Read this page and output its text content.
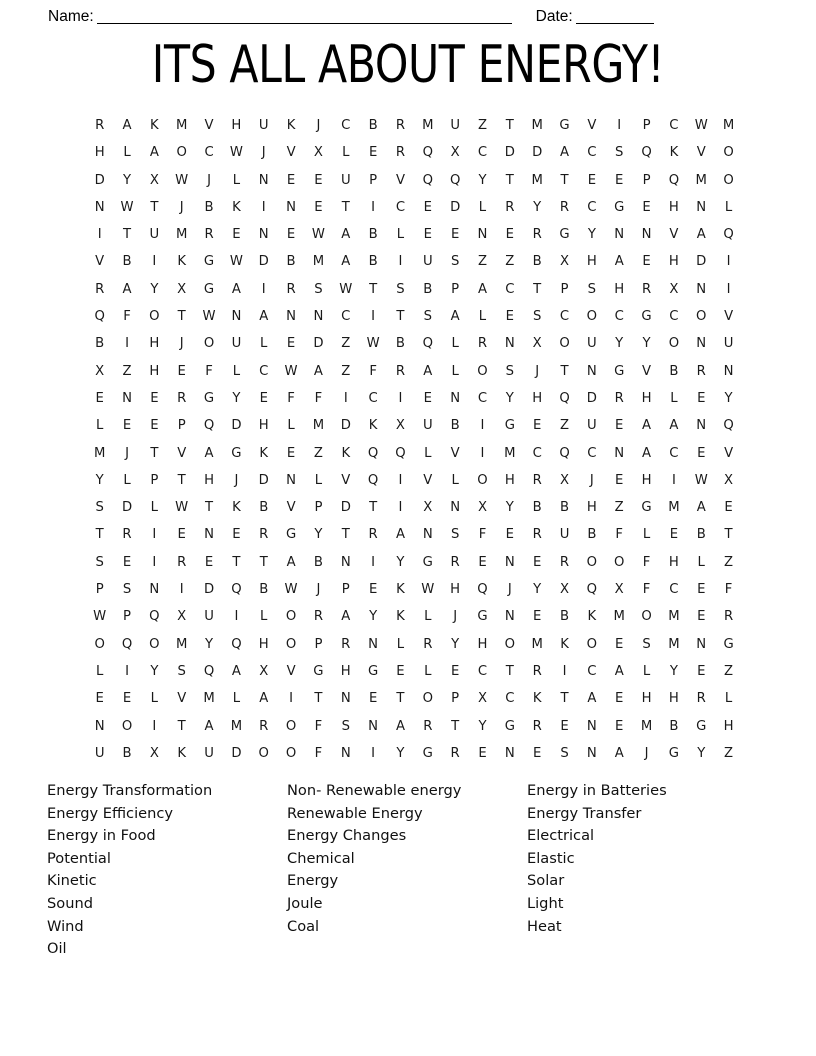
Name:	Date:
ITS ALL ABOUT ENERGY!
R	A	K	M	V	H	U	K	J	C	B	R	M	U	Z	T	M	G	V	I	P	C	W	M
H	L	A	O	C	W	J	V	X	L	E	R	Q	X	C	D	D	A	C	S	Q	K	V	O
D	Y	X	W	J	L	N	E	E	U	P	V	Q	Q	Y	T	M	T	E	E	P	Q	M	O
N	W	T	J	B	K	I	N	E	T	I	C	E	D	L	R	Y	R	C	G	E	H	N	L
I	T	U	M	R	E	N	E	W	A	B	L	E	E	N	E	R	G	Y	N	N	V	A	Q
V	B	I	K	G	W	D	B	M	A	B	I	U	S	Z	Z	B	X	H	A	E	H	D	I
R	A	Y	X	G	A	I	R	S	W	T	S	B	P	A	C	T	P	S	H	R	X	N	I
Q	F	O	T	W	N	A	N	N	C	I	T	S	A	L	E	S	C	O	C	G	C	O	V
B	I	H	J	O	U	L	E	D	Z	W	B	Q	L	R	N	X	O	U	Y	Y	O	N	U
X	Z	H	E	F	L	C	W	A	Z	F	R	A	L	O	S	J	T	N	G	V	B	R	N
E	N	E	R	G	Y	E	F	F	I	C	I	E	N	C	Y	H	Q	D	R	H	L	E	Y
L	E	E	P	Q	D	H	L	M	D	K	X	U	B	I	G	E	Z	U	E	A	A	N	Q
M	J	T	V	A	G	K	E	Z	K	Q	Q	L	V	I	M	C	Q	C	N	A	C	E	V
Y	L	P	T	H	J	D	N	L	V	Q	I	V	L	O	H	R	X	J	E	H	I	W	X
S	D	L	W	T	K	B	V	P	D	T	I	X	N	X	Y	B	B	H	Z	G	M	A	E
T	R	I	E	N	E	R	G	Y	T	R	A	N	S	F	E	R	U	B	F	L	E	B	T
S	E	I	R	E	T	T	A	B	N	I	Y	G	R	E	N	E	R	O	O	F	H	L	Z
P	S	N	I	D	Q	B	W	J	P	E	K	W	H	Q	J	Y	X	Q	X	F	C	E	F
W	P	Q	X	U	I	L	O	R	A	Y	K	L	J	G	N	E	B	K	M	O	M	E	R
O	Q	O	M	Y	Q	H	O	P	R	N	L	R	Y	H	O	M	K	O	E	S	M	N	G
L	I	Y	S	Q	A	X	V	G	H	G	E	L	E	C	T	R	I	C	A	L	Y	E	Z
E	E	L	V	M	L	A	I	T	N	E	T	O	P	X	C	K	T	A	E	H	H	R	L
N	O	I	T	A	M	R	O	F	S	N	A	R	T	Y	G	R	E	N	E	M	B	G	H
U	B	X	K	U	D	O	O	F	N	I	Y	G	R	E	N	E	S	N	A	J	G	Y	Z
Energy Transformation
Energy Efficiency
Energy in Food
Potential
Kinetic
Sound
Wind
Oil
Non- Renewable energy
Renewable Energy
Energy Changes
Chemical
Energy
Joule
Coal
Energy in Batteries
Energy Transfer
Electrical
Elastic
Solar
Light
Heat
